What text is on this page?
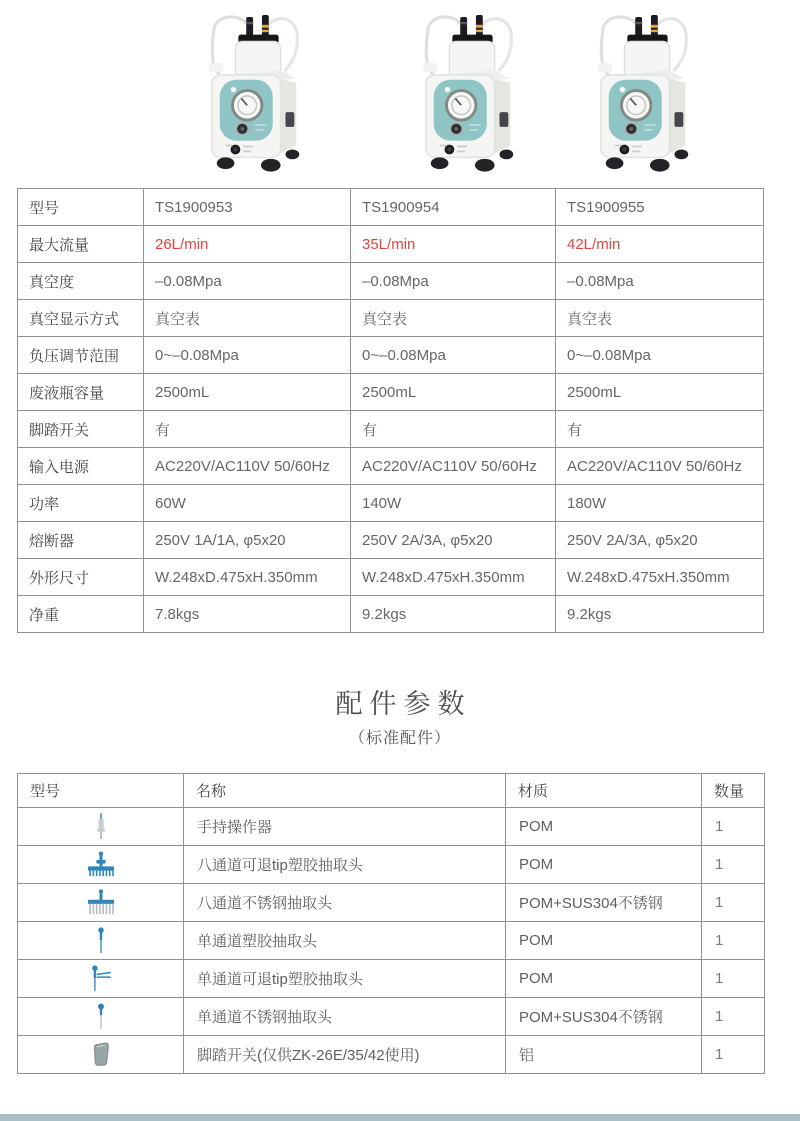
型号	TS1900953	TS1900954	TS1900955
最大流量	26L/min	35L/min	42L/min
真空度	–0.08Mpa	–0.08Mpa	–0.08Mpa
真空显示方式	真空表	真空表	真空表
负压调节范围	0~–0.08Mpa	0~–0.08Mpa	0~–0.08Mpa
废液瓶容量	2500mL	2500mL	2500mL
脚踏开关	有	有	有
输入电源	AC220V/AC110V 50/60Hz	AC220V/AC110V 50/60Hz	AC220V/AC110V 50/60Hz
功率	60W	140W	180W
熔断器	250V 1A/1A, φ5x20	250V 2A/3A, φ5x20	250V 2A/3A, φ5x20
外形尺寸	W.248xD.475xH.350mm	W.248xD.475xH.350mm	W.248xD.475xH.350mm
净重	7.8kgs	9.2kgs	9.2kgs
配件参数
（标准配件）
型号	名称	材质	数量
	手持操作器	POM	1
	八通道可退tip塑胶抽取头	POM	1
	八通道不锈钢抽取头	POM+SUS304不锈钢	1
	单通道塑胶抽取头	POM	1
	单通道可退tip塑胶抽取头	POM	1
	单通道不锈钢抽取头	POM+SUS304不锈钢	1
	脚踏开关(仅供ZK-26E/35/42使用)	铝	1
